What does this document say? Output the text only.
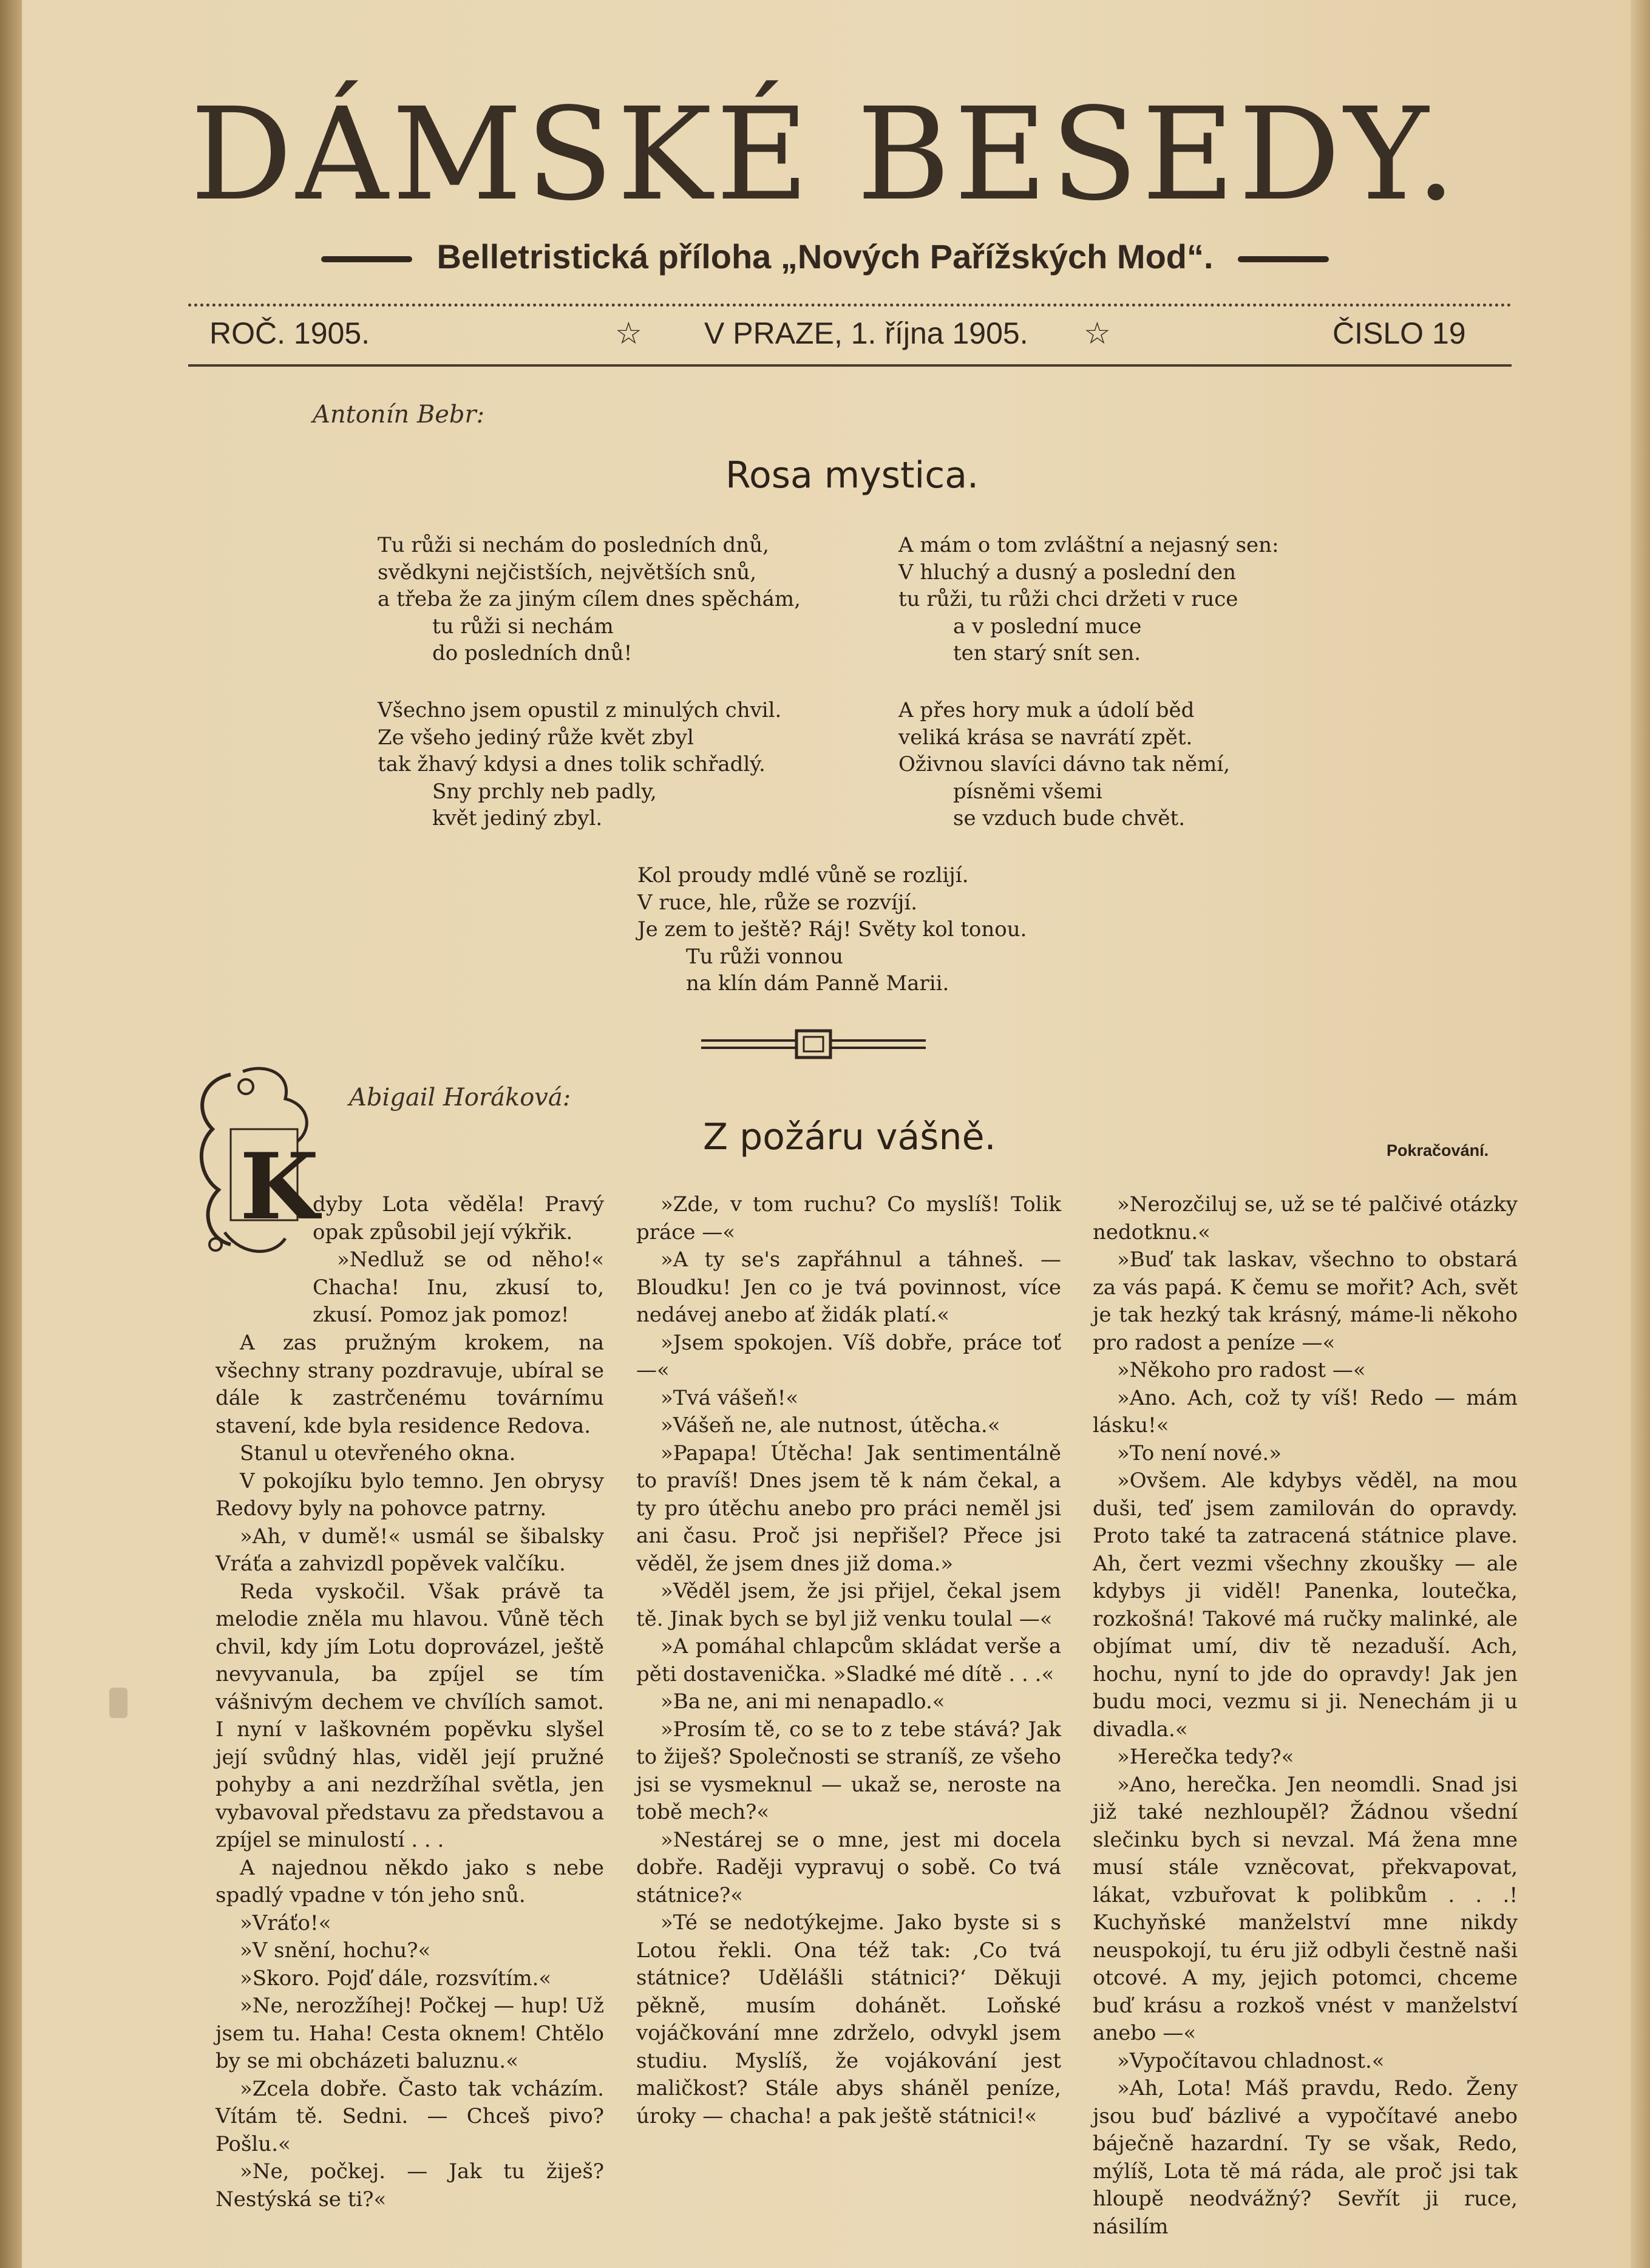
DÁMSKÉ BESEDY.
Belletristická příloha „Nových Pařížských Mod“.
ROČ. 1905.	☆ V PRAZE, 1. října 1905. ☆	ČISLO 19
Antonín Bebr:
Rosa mystica.
Tu růži si nechám do posledních dnů,
svědkyni nejčistších, největších snů,
a třeba že za jiným cílem dnes spěchám,
tu růži si nechám
do posledních dnů!
Všechno jsem opustil z minulých chvil.
Ze všeho jediný růže květ zbyl
tak žhavý kdysi a dnes tolik schřadlý.
Sny prchly neb padly,
květ jediný zbyl.
A mám o tom zvláštní a nejasný sen:
V hluchý a dusný a poslední den
tu růži, tu růži chci držeti v ruce
a v poslední muce
ten starý snít sen.
A přes hory muk a údolí běd
veliká krása se navrátí zpět.
Oživnou slavíci dávno tak němí,
písněmi všemi
se vzduch bude chvět.
Kol proudy mdlé vůně se rozlijí.
V ruce, hle, růže se rozvíjí.
Je zem to ještě? Ráj! Světy kol tonou.
Tu růži vonnou
na klín dám Panně Marii.
Abigail Horáková:
Z požáru vášně.	Pokračování.
K

dyby Lota věděla! Pravý opak způsobil její výkřik.

»Nedluž se od něho!« Chacha! Inu, zkusí to, zkusí. Pomoz jak pomoz!

A zas pružným krokem, na všechny strany pozdravuje, ubíral se dále k zastrčenému továrnímu stavení, kde byla residence Redova.

Stanul u otevřeného okna.

V pokojíku bylo temno. Jen obrysy Redovy byly na pohovce patrny.

»Ah, v dumě!« usmál se šibalsky Vráťa a zahvizdl popěvek valčíku.

Reda vyskočil. Však právě ta melodie zněla mu hlavou. Vůně těch chvil, kdy jím Lotu doprovázel, ještě nevyvanula, ba zpíjel se tím vášnivým dechem ve chvílích samot. I nyní v laškovném popěvku slyšel její svůdný hlas, viděl její pružné pohyby a ani nezdržíhal světla, jen vybavoval představu za představou a zpíjel se minulostí . . .

A najednou někdo jako s nebe spadlý vpadne v tón jeho snů.

»Vráťo!«

»V snění, hochu?«

»Skoro. Pojď dále, rozsvítím.«

»Ne, nerozžíhej! Počkej — hup! Už jsem tu. Haha! Cesta oknem! Chtělo by se mi obcházeti baluznu.«

»Zcela dobře. Často tak vcházím. Vítám tě. Sedni. — Chceš pivo? Pošlu.«

»Ne, počkej. — Jak tu žiješ? Nestýská se ti?«

»Zde, v tom ruchu? Co myslíš! Tolik práce —«

»A ty se's zapřáhnul a táhneš. — Bloudku! Jen co je tvá povinnost, více nedávej anebo ať židák platí.«

»Jsem spokojen. Víš dobře, práce toť —«

»Tvá vášeň!«

»Vášeň ne, ale nutnost, útěcha.«

»Papapa! Útěcha! Jak sentimentálně to pravíš! Dnes jsem tě k nám čekal, a ty pro útěchu anebo pro práci neměl jsi ani času. Proč jsi nepřišel? Přece jsi věděl, že jsem dnes již doma.»

»Věděl jsem, že jsi přijel, čekal jsem tě. Jinak bych se byl již venku toulal —«

»A pomáhal chlapcům skládat verše a pěti dostavenička. »Sladké mé dítě . . .«

»Ba ne, ani mi nenapadlo.«

»Prosím tě, co se to z tebe stává? Jak to žiješ? Společnosti se straníš, ze všeho jsi se vysmeknul — ukaž se, neroste na tobě mech?«

»Nestárej se o mne, jest mi docela dobře. Raději vypravuj o sobě. Co tvá státnice?«

»Té se nedotýkejme. Jako byste si s Lotou řekli. Ona též tak: ‚Co tvá státnice? Udělášli státnici?‘ Děkuji pěkně, musím dohánět. Loňské vojáčkování mne zdrželo, odvykl jsem studiu. Myslíš, že vojákování jest maličkost? Stále abys sháněl peníze, úroky — chacha! a pak ještě státnici!«

»Nerozčiluj se, už se té palčivé otázky nedotknu.«

»Buď tak laskav, všechno to obstará za vás papá. K čemu se mořit? Ach, svět je tak hezký tak krásný, máme-li někoho pro radost a peníze —«

»Někoho pro radost —«

»Ano. Ach, což ty víš! Redo — mám lásku!«

»To není nové.»

»Ovšem. Ale kdybys věděl, na mou duši, teď jsem zamilován do opravdy. Proto také ta zatracená státnice plave. Ah, čert vezmi všechny zkoušky — ale kdybys ji viděl! Panenka, loutečka, rozkošná! Takové má ručky malinké, ale objímat umí, div tě nezaduší. Ach, hochu, nyní to jde do opravdy! Jak jen budu moci, vezmu si ji. Nenechám ji u divadla.«

»Herečka tedy?«

»Ano, herečka. Jen neomdli. Snad jsi již také nezhloupěl? Žádnou všední slečinku bych si nevzal. Má žena mne musí stále vzněcovat, překvapovat, lákat, vzbuřovat k polibkům . . .! Kuchyňské manželství mne nikdy neuspokojí, tu éru již odbyli čestně naši otcové. A my, jejich potomci, chceme buď krásu a rozkoš vnést v manželství anebo —«

»Vypočítavou chladnost.«

»Ah, Lota! Máš pravdu, Redo. Ženy jsou buď bázlivé a vypočítavé anebo báječně hazardní. Ty se však, Redo, mýlíš, Lota tě má ráda, ale proč jsi tak hloupě neodvážný? Sevřít ji ruce, násilím
